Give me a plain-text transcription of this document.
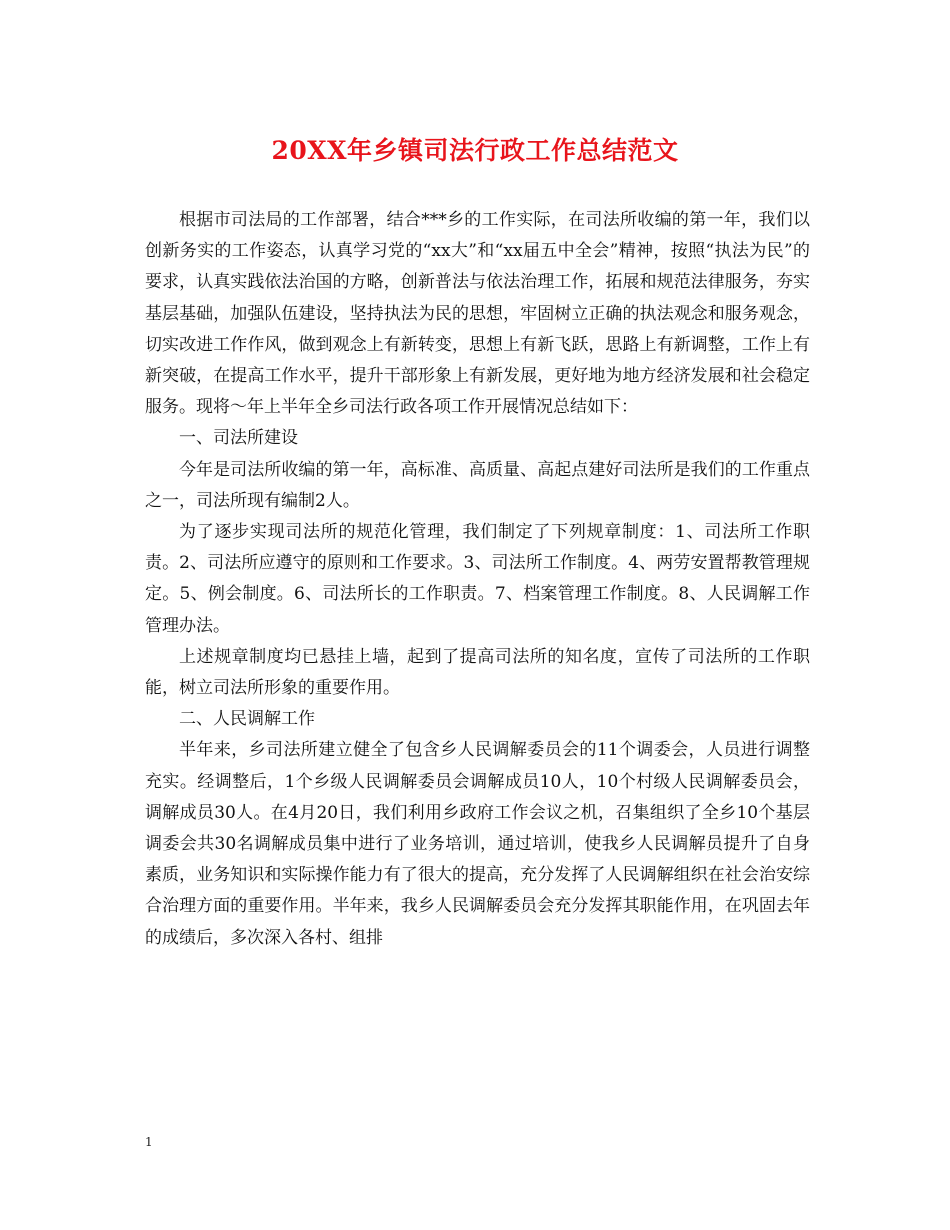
20XX年乡镇司法行政工作总结范文

根据市司法局的工作部署，结合***乡的工作实际，在司法所收编的第一年，我们以创新务实的工作姿态，认真学习党的“xx大”和“xx届五中全会”精神，按照“执法为民”的要求，认真实践依法治国的方略，创新普法与依法治理工作，拓展和规范法律服务，夯实基层基础，加强队伍建设，坚持执法为民的思想，牢固树立正确的执法观念和服务观念，切实改进工作作风，做到观念上有新转变，思想上有新飞跃，思路上有新调整，工作上有新突破，在提高工作水平，提升干部形象上有新发展，更好地为地方经济发展和社会稳定服务。现将～年上半年全乡司法行政各项工作开展情况总结如下：

一、司法所建设

今年是司法所收编的第一年，高标准、高质量、高起点建好司法所是我们的工作重点之一，司法所现有编制2人。

为了逐步实现司法所的规范化管理，我们制定了下列规章制度：1、司法所工作职责。2、司法所应遵守的原则和工作要求。3、司法所工作制度。4、两劳安置帮教管理规定。5、例会制度。6、司法所长的工作职责。7、档案管理工作制度。8、人民调解工作管理办法。

上述规章制度均已悬挂上墙，起到了提高司法所的知名度，宣传了司法所的工作职能，树立司法所形象的重要作用。

二、人民调解工作

半年来，乡司法所建立健全了包含乡人民调解委员会的11个调委会，人员进行调整充实。经调整后，1个乡级人民调解委员会调解成员10人，10个村级人民调解委员会，调解成员30人。在4月20日，我们利用乡政府工作会议之机，召集组织了全乡10个基层调委会共30名调解成员集中进行了业务培训，通过培训，使我乡人民调解员提升了自身素质，业务知识和实际操作能力有了很大的提高，充分发挥了人民调解组织在社会治安综合治理方面的重要作用。半年来，我乡人民调解委员会充分发挥其职能作用，在巩固去年的成绩后，多次深入各村、组排

1
